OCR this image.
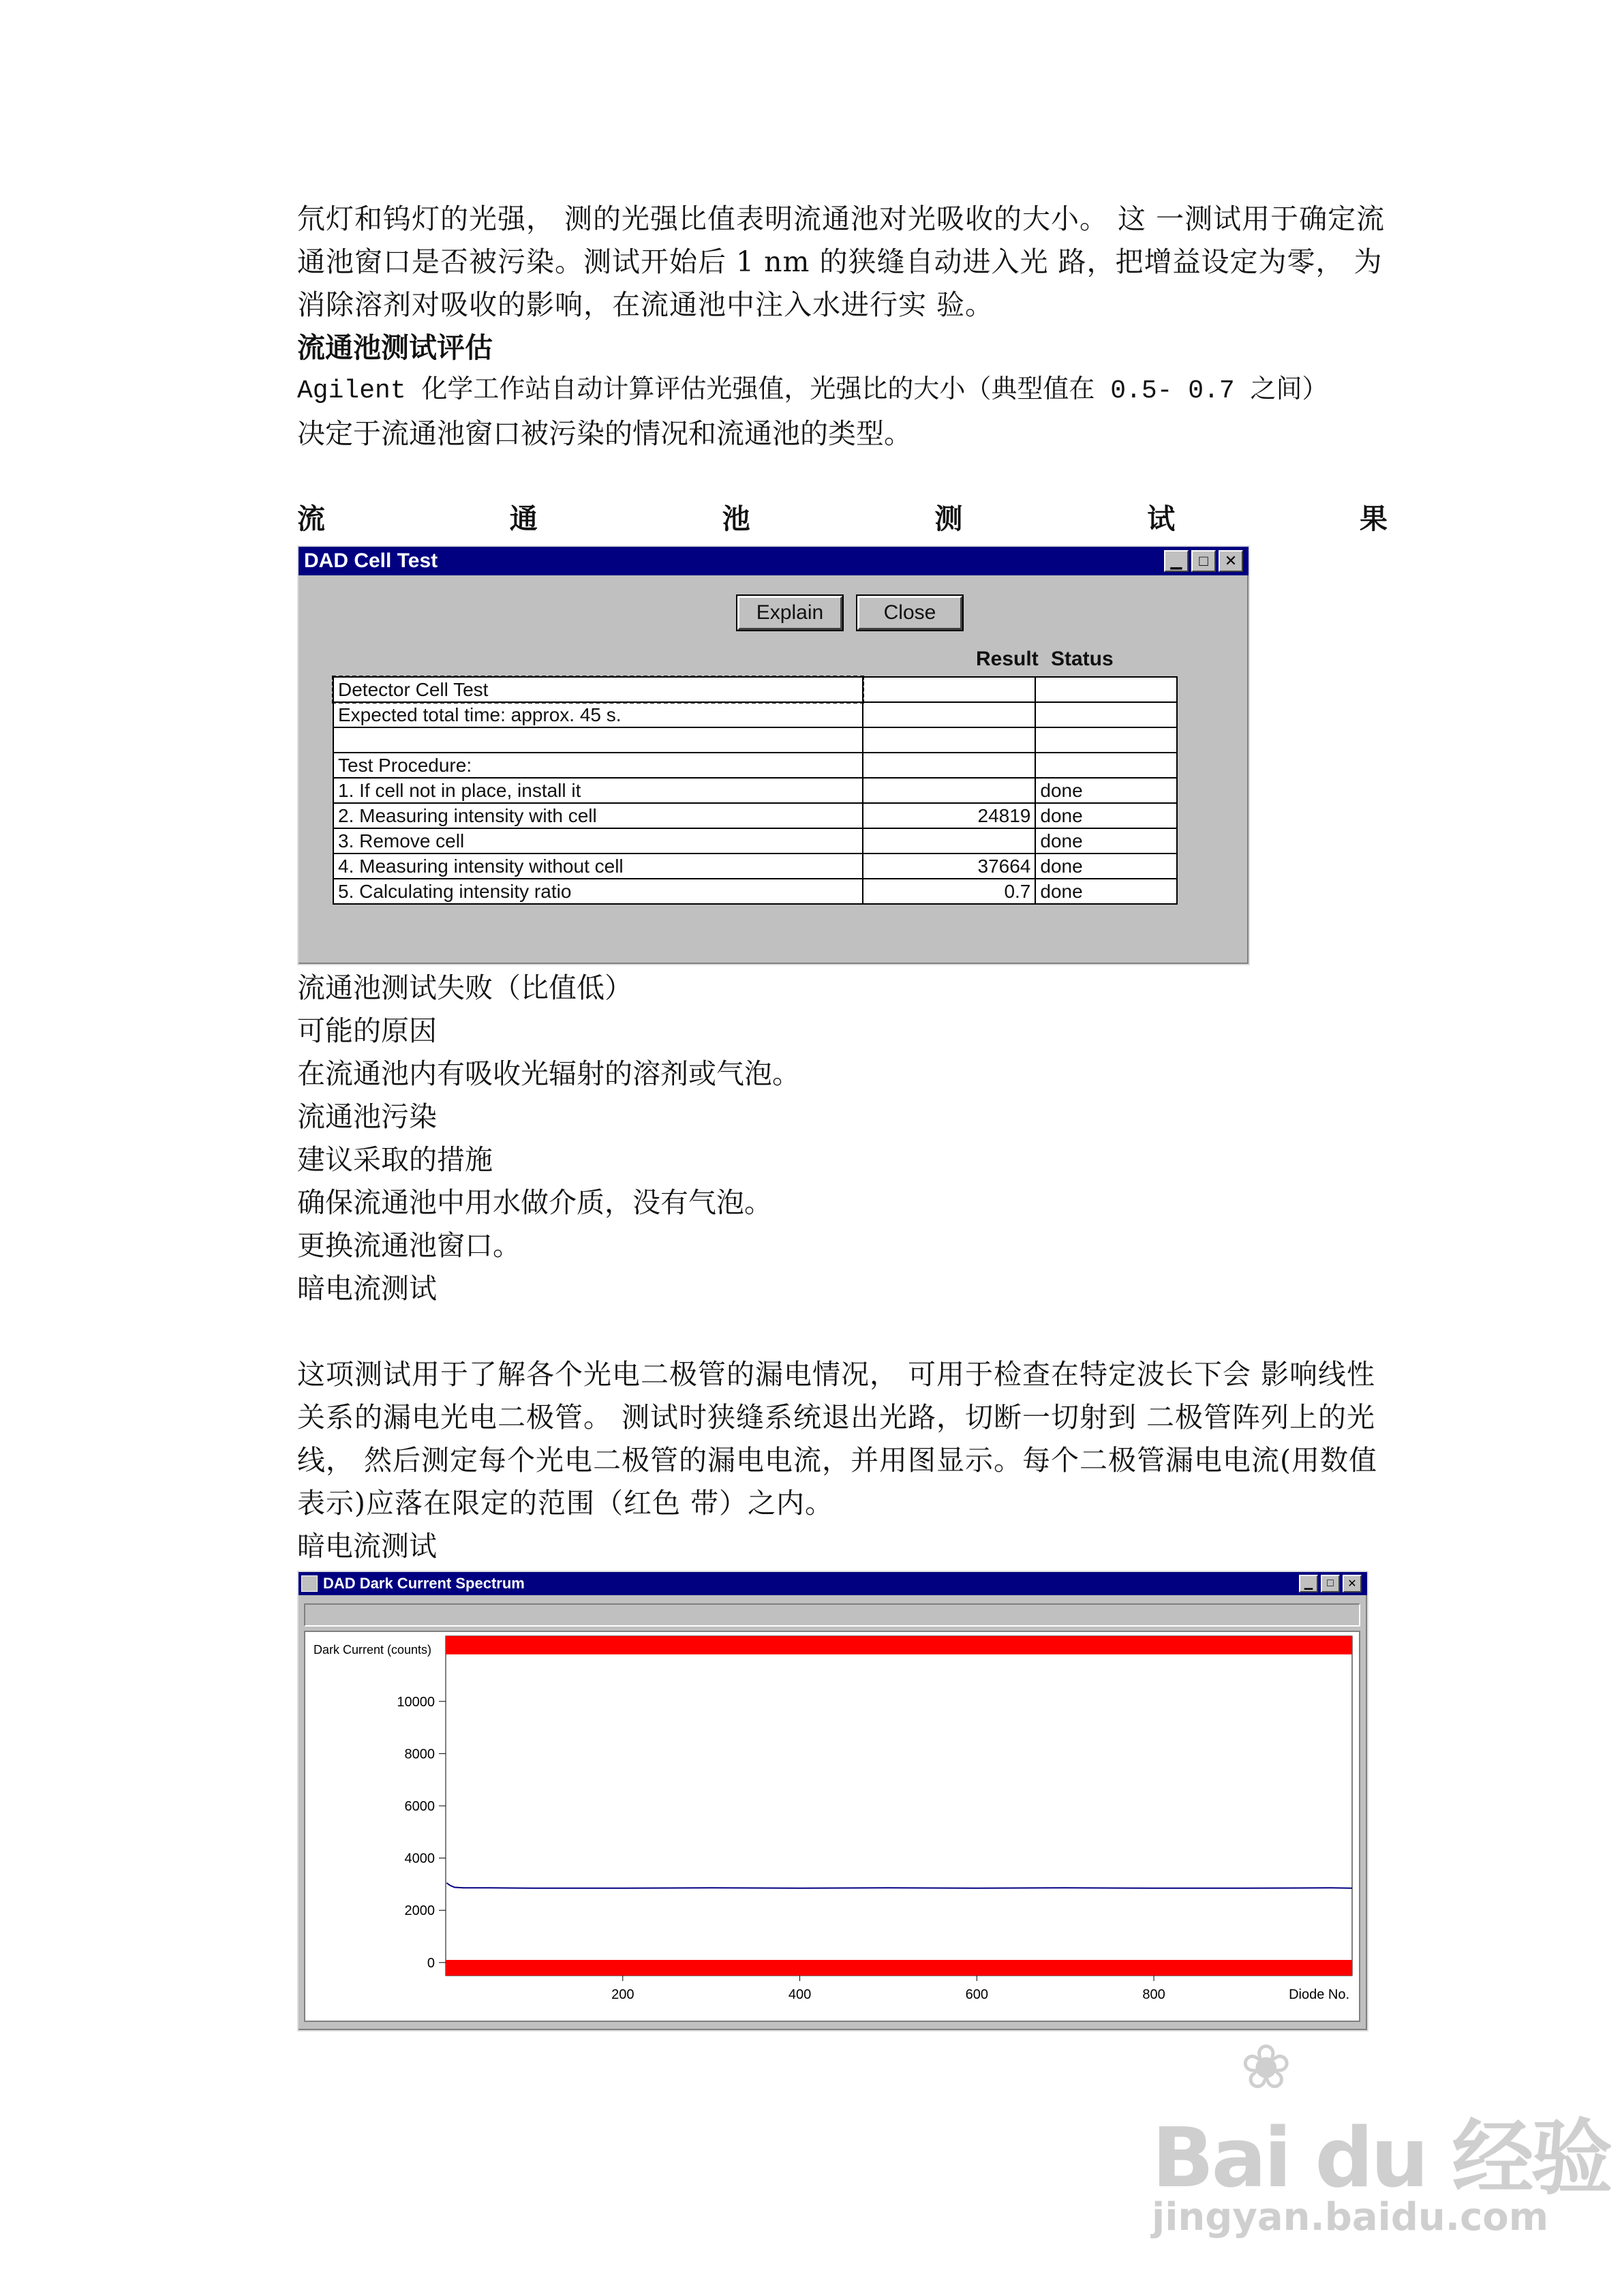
氘灯和钨灯的光强， 测的光强比值表明流通池对光吸收的大小。 这 一测试用于确定流通池窗口是否被污染。测试开始后 1 nm 的狭缝自动进入光 路，把增益设定为零， 为消除溶剂对吸收的影响，在流通池中注入水进行实 验。
流通池测试评估
Agilent 化学工作站自动计算评估光强值，光强比的大小（典型值在 0.5- 0.7 之间）
决定于流通池窗口被污染的情况和流通池的类型。
流	通	池	测	试	果
DAD Cell Test	▁	□	✕
Explain	Close
Result Status
Detector Cell Test		
Expected total time: approx. 45 s.		

Test Procedure:		
1. If cell not in place, install it		done
2. Measuring intensity with cell	24819	done
3. Remove cell		done
4. Measuring intensity without cell	37664	done
5. Calculating intensity ratio	0.7	done
流通池测试失败（比值低）
可能的原因
在流通池内有吸收光辐射的溶剂或气泡。
流通池污染
建议采取的措施
确保流通池中用水做介质，没有气泡。
更换流通池窗口。
暗电流测试
这项测试用于了解各个光电二极管的漏电情况， 可用于检查在特定波长下会 影响线性关系的漏电光电二极管。 测试时狭缝系统退出光路，切断一切射到 二极管阵列上的光线， 然后测定每个光电二极管的漏电电流，并用图显示。每个二极管漏电电流(用数值表示)应落在限定的范围（红色 带）之内。
暗电流测试
DAD Dark Current Spectrum	▁	□	✕
Dark Current (counts)
0
2000
4000
6000
8000
10000
200	400	600	800	Diode No.
❀
Bai du 经验
jingyan.baidu.com
